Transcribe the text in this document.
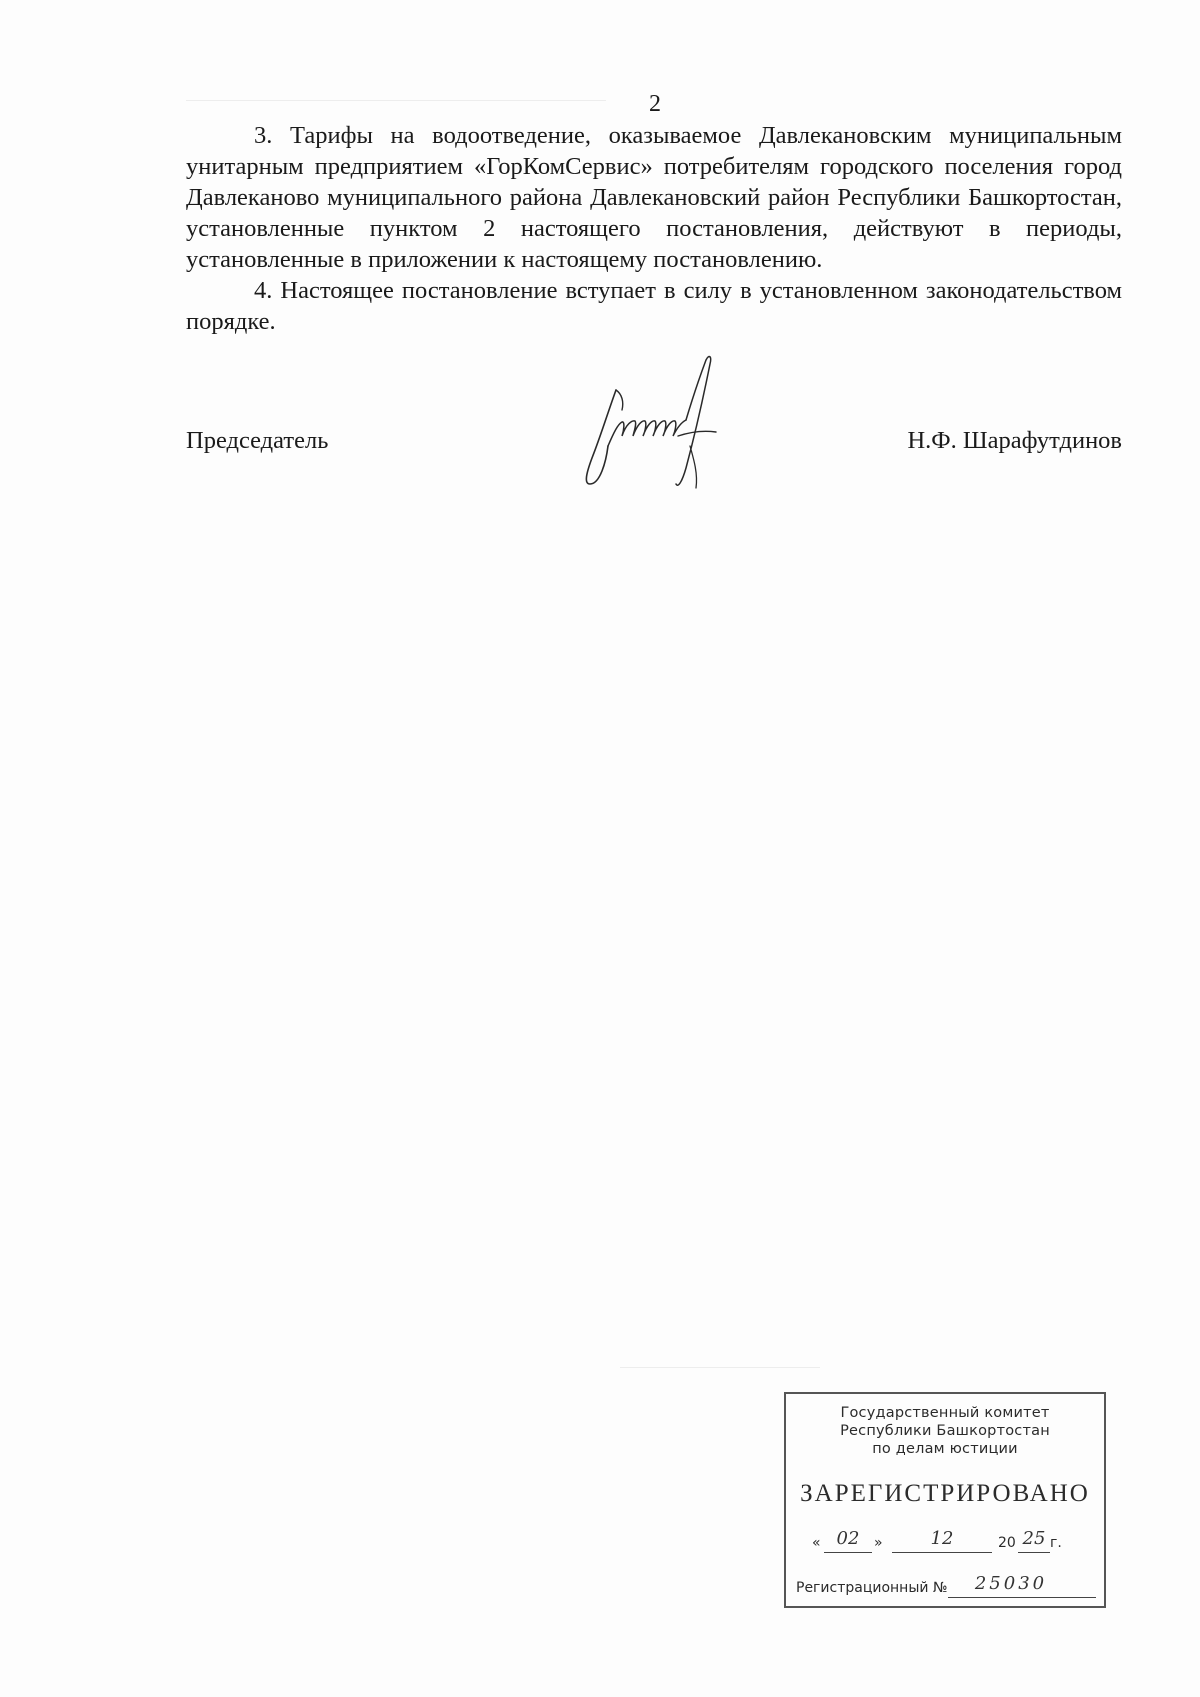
2

3. Тарифы на водоотведение, оказываемое Давлекановским муниципальным унитарным предприятием «ГорКомСервис» потребителям городского поселения город Давлеканово муниципального района Давлекановский район Республики Башкортостан, установленные пунктом 2 настоящего постановления, действуют в периоды, установленные в приложении к настоящему постановлению.

4. Настоящее постановление вступает в силу в установленном законодательством порядке.

Председатель	Н.Ф. Шарафутдинов
Государственный комитет
Республики Башкортостан
по делам юстиции
ЗАРЕГИСТРИРОВАНО
« 02	»	12	20 25 г.
Регистрационный №	25030
